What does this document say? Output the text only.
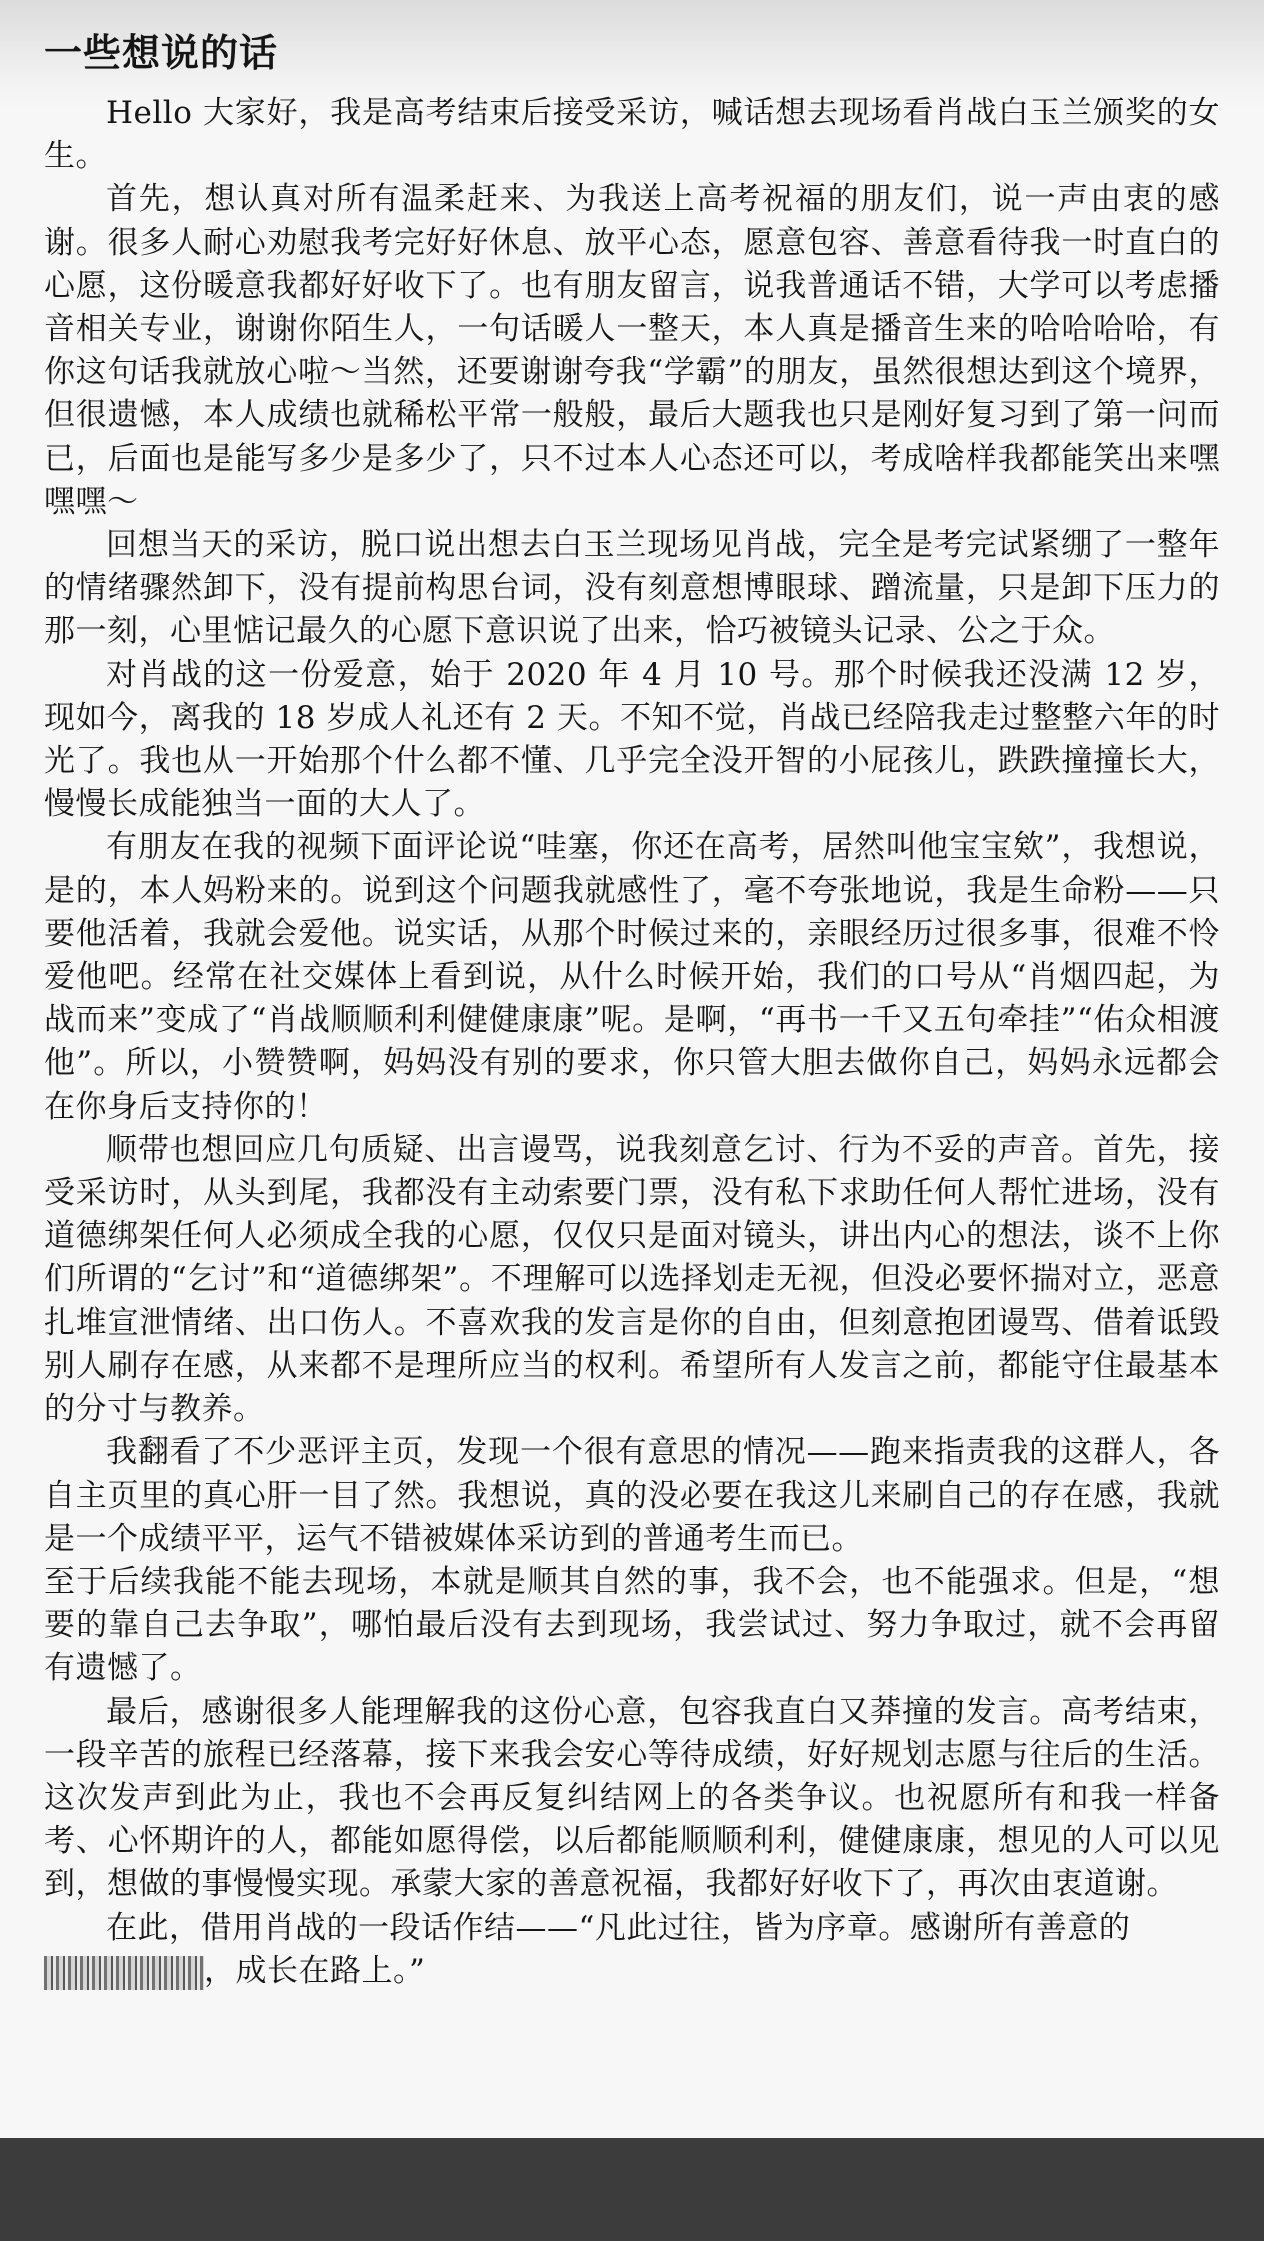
一些想说的话

Hello 大家好，我是高考结束后接受采访，喊话想去现场看肖战白玉兰颁奖的女生。

首先，想认真对所有温柔赶来、为我送上高考祝福的朋友们，说一声由衷的感谢。很多人耐心劝慰我考完好好休息、放平心态，愿意包容、善意看待我一时直白的心愿，这份暖意我都好好收下了。也有朋友留言，说我普通话不错，大学可以考虑播音相关专业，谢谢你陌生人，一句话暖人一整天，本人真是播音生来的哈哈哈哈，有你这句话我就放心啦～当然，还要谢谢夸我“学霸”的朋友，虽然很想达到这个境界，但很遗憾，本人成绩也就稀松平常一般般，最后大题我也只是刚好复习到了第一问而已，后面也是能写多少是多少了，只不过本人心态还可以，考成啥样我都能笑出来嘿嘿嘿～

回想当天的采访，脱口说出想去白玉兰现场见肖战，完全是考完试紧绷了一整年的情绪骤然卸下，没有提前构思台词，没有刻意想博眼球、蹭流量，只是卸下压力的那一刻，心里惦记最久的心愿下意识说了出来，恰巧被镜头记录、公之于众。

对肖战的这一份爱意，始于 2020 年 4 月 10 号。那个时候我还没满 12 岁，现如今，离我的 18 岁成人礼还有 2 天。不知不觉，肖战已经陪我走过整整六年的时光了。我也从一开始那个什么都不懂、几乎完全没开智的小屁孩儿，跌跌撞撞长大，慢慢长成能独当一面的大人了。

有朋友在我的视频下面评论说“哇塞，你还在高考，居然叫他宝宝欸”，我想说，是的，本人妈粉来的。说到这个问题我就感性了，毫不夸张地说，我是生命粉——只要他活着，我就会爱他。说实话，从那个时候过来的，亲眼经历过很多事，很难不怜爱他吧。经常在社交媒体上看到说，从什么时候开始，我们的口号从“肖烟四起，为战而来”变成了“肖战顺顺利利健健康康”呢。是啊，“再书一千又五句牵挂”“佑众相渡他”。所以，小赞赞啊，妈妈没有别的要求，你只管大胆去做你自己，妈妈永远都会在你身后支持你的！

顺带也想回应几句质疑、出言谩骂，说我刻意乞讨、行为不妥的声音。首先，接受采访时，从头到尾，我都没有主动索要门票，没有私下求助任何人帮忙进场，没有道德绑架任何人必须成全我的心愿，仅仅只是面对镜头，讲出内心的想法，谈不上你们所谓的“乞讨”和“道德绑架”。不理解可以选择划走无视，但没必要怀揣对立，恶意扎堆宣泄情绪、出口伤人。不喜欢我的发言是你的自由，但刻意抱团谩骂、借着诋毁别人刷存在感，从来都不是理所应当的权利。希望所有人发言之前，都能守住最基本的分寸与教养。

我翻看了不少恶评主页，发现一个很有意思的情况——跑来指责我的这群人，各自主页里的真心肝一目了然。我想说，真的没必要在我这儿来刷自己的存在感，我就是一个成绩平平，运气不错被媒体采访到的普通考生而已。

至于后续我能不能去现场，本就是顺其自然的事，我不会，也不能强求。但是，“想要的靠自己去争取”，哪怕最后没有去到现场，我尝试过、努力争取过，就不会再留有遗憾了。

最后，感谢很多人能理解我的这份心意，包容我直白又莽撞的发言。高考结束，一段辛苦的旅程已经落幕，接下来我会安心等待成绩，好好规划志愿与往后的生活。这次发声到此为止，我也不会再反复纠结网上的各类争议。也祝愿所有和我一样备考、心怀期许的人，都能如愿得偿，以后都能顺顺利利，健健康康，想见的人可以见到，想做的事慢慢实现。承蒙大家的善意祝福，我都好好收下了，再次由衷道谢。

在此，借用肖战的一段话作结——“凡此过往，皆为序章。感谢所有善意的

，成长在路上。”
